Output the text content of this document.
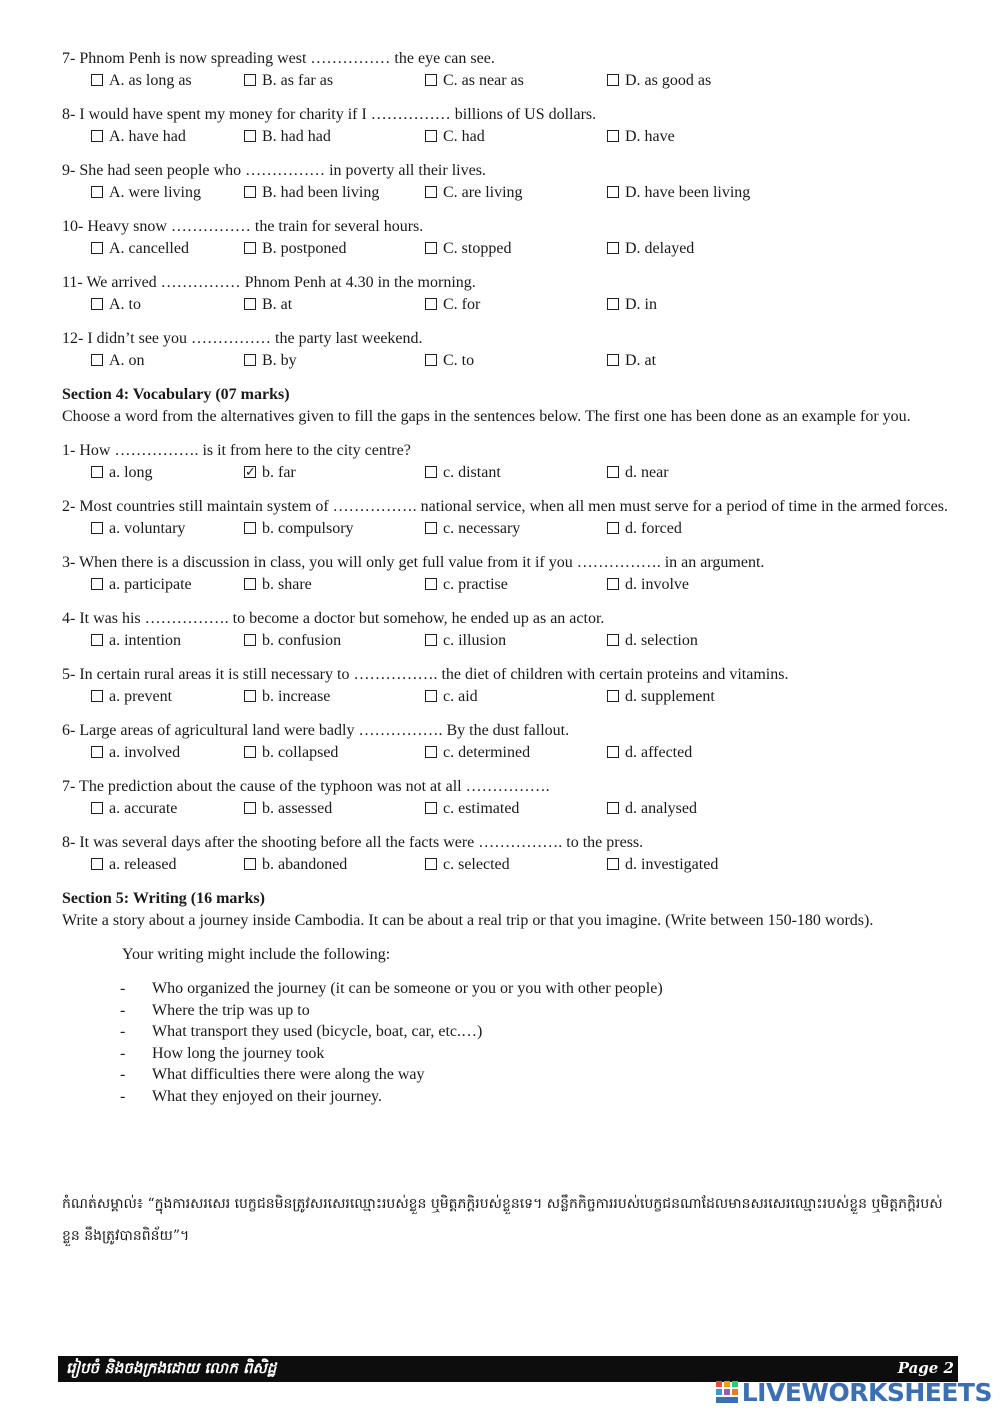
7- Phnom Penh is now spreading west …………… the eye can see.
A. as long as	B. as far as	C. as near as	D. as good as
8- I would have spent my money for charity if I …………… billions of US dollars.
A. have had	B. had had	C. had	D. have
9- She had seen people who …………… in poverty all their lives.
A. were living	B. had been living	C. are living	D. have been living
10- Heavy snow …………… the train for several hours.
A. cancelled	B. postponed	C. stopped	D. delayed
11- We arrived …………… Phnom Penh at 4.30 in the morning.
A. to	B. at	C. for	D. in
12- I didn’t see you …………… the party last weekend.
A. on	B. by	C. to	D. at
Section 4: Vocabulary (07 marks)
Choose a word from the alternatives given to fill the gaps in the sentences below. The first one has been done as an example for you.
1- How ……………. is it from here to the city centre?
a. long
✓	b. far	c. distant	d. near
2- Most countries still maintain system of ……………. national service, when all men must serve for a period of time in the armed forces.
a. voluntary	b. compulsory	c. necessary	d. forced
3- When there is a discussion in class, you will only get full value from it if you ……………. in an argument.
a. participate	b. share	c. practise	d. involve
4- It was his ……………. to become a doctor but somehow, he ended up as an actor.
a. intention	b. confusion	c. illusion	d. selection
5- In certain rural areas it is still necessary to ……………. the diet of children with certain proteins and vitamins.
a. prevent	b. increase	c. aid	d. supplement
6- Large areas of agricultural land were badly ……………. By the dust fallout.
a. involved	b. collapsed	c. determined	d. affected
7- The prediction about the cause of the typhoon was not at all …………….
a. accurate	b. assessed	c. estimated	d. analysed
8- It was several days after the shooting before all the facts were ……………. to the press.
a. released	b. abandoned	c. selected	d. investigated
Section 5: Writing (16 marks)
Write a story about a journey inside Cambodia. It can be about a real trip or that you imagine. (Write between 150-180 words).
Your writing might include the following:
- Who organized the journey (it can be someone or you or you with other people)
- Where the trip was up to
- What transport they used (bicycle, boat, car, etc.…)
- How long the journey took
- What difficulties there were along the way
- What they enjoyed on their journey.
កំណត់សម្គាល់៖ “ក្នុងការសរសេរ បេក្ខជនមិនត្រូវសរសេរឈ្មោះរបស់ខ្លួន ឬមិត្តភក្តិរបស់ខ្លួនទេ។ សន្លឹកកិច្ចការរបស់បេក្ខជនណាដែលមានសរសេរឈ្មោះរបស់ខ្លួន ឬមិត្តភក្តិរបស់ខ្លួន នឹងត្រូវបានពិន័យ”។
រៀបចំ និងចងក្រងដោយ លោក ពិសិដ្ឋ	Page 2
LIVEWORKSHEETS
